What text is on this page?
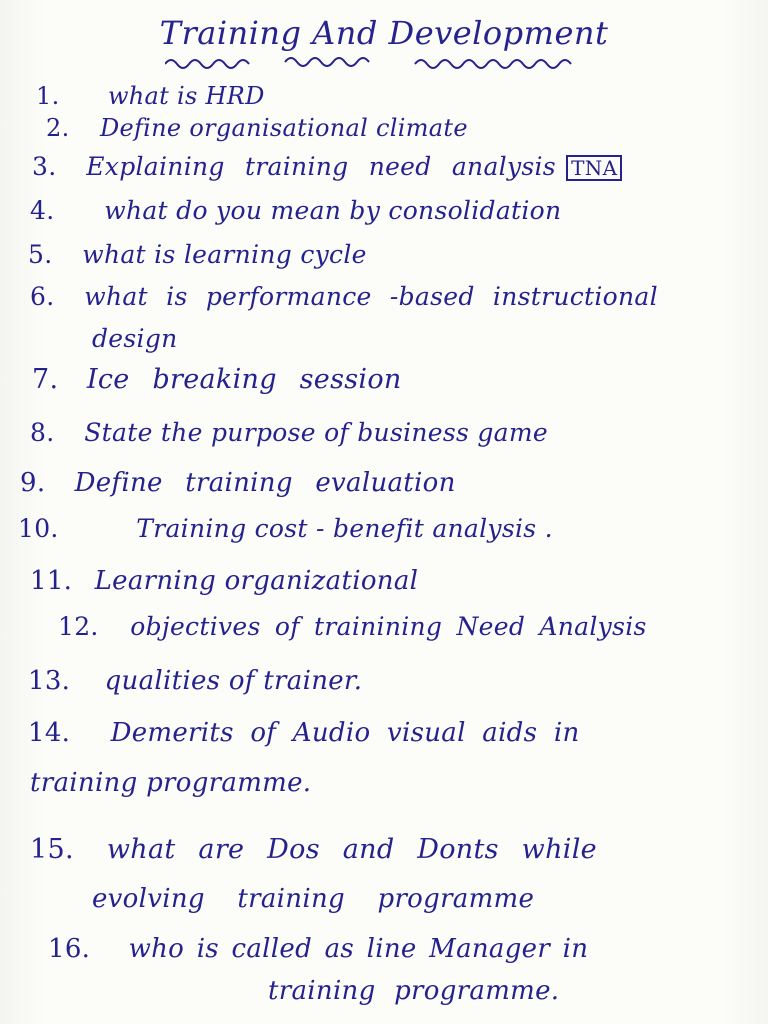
Training And Development
1. what is HRD
2. Define organisational climate
3. Explaining training need analysis TNA
4. what do you mean by consolidation
5. what is learning cycle
6. what is performance -based instructional
design
7. Ice breaking session
8. State the purpose of business game
9. Define training evaluation
10.	Training cost - benefit analysis .
11. Learning organizational
12. objectives of trainining Need Analysis
13. qualities of trainer.
14. Demerits of Audio visual aids in
training programme.
15. what are Dos and Donts while
evolving training programme
16. who is called as line Manager in
training programme.
